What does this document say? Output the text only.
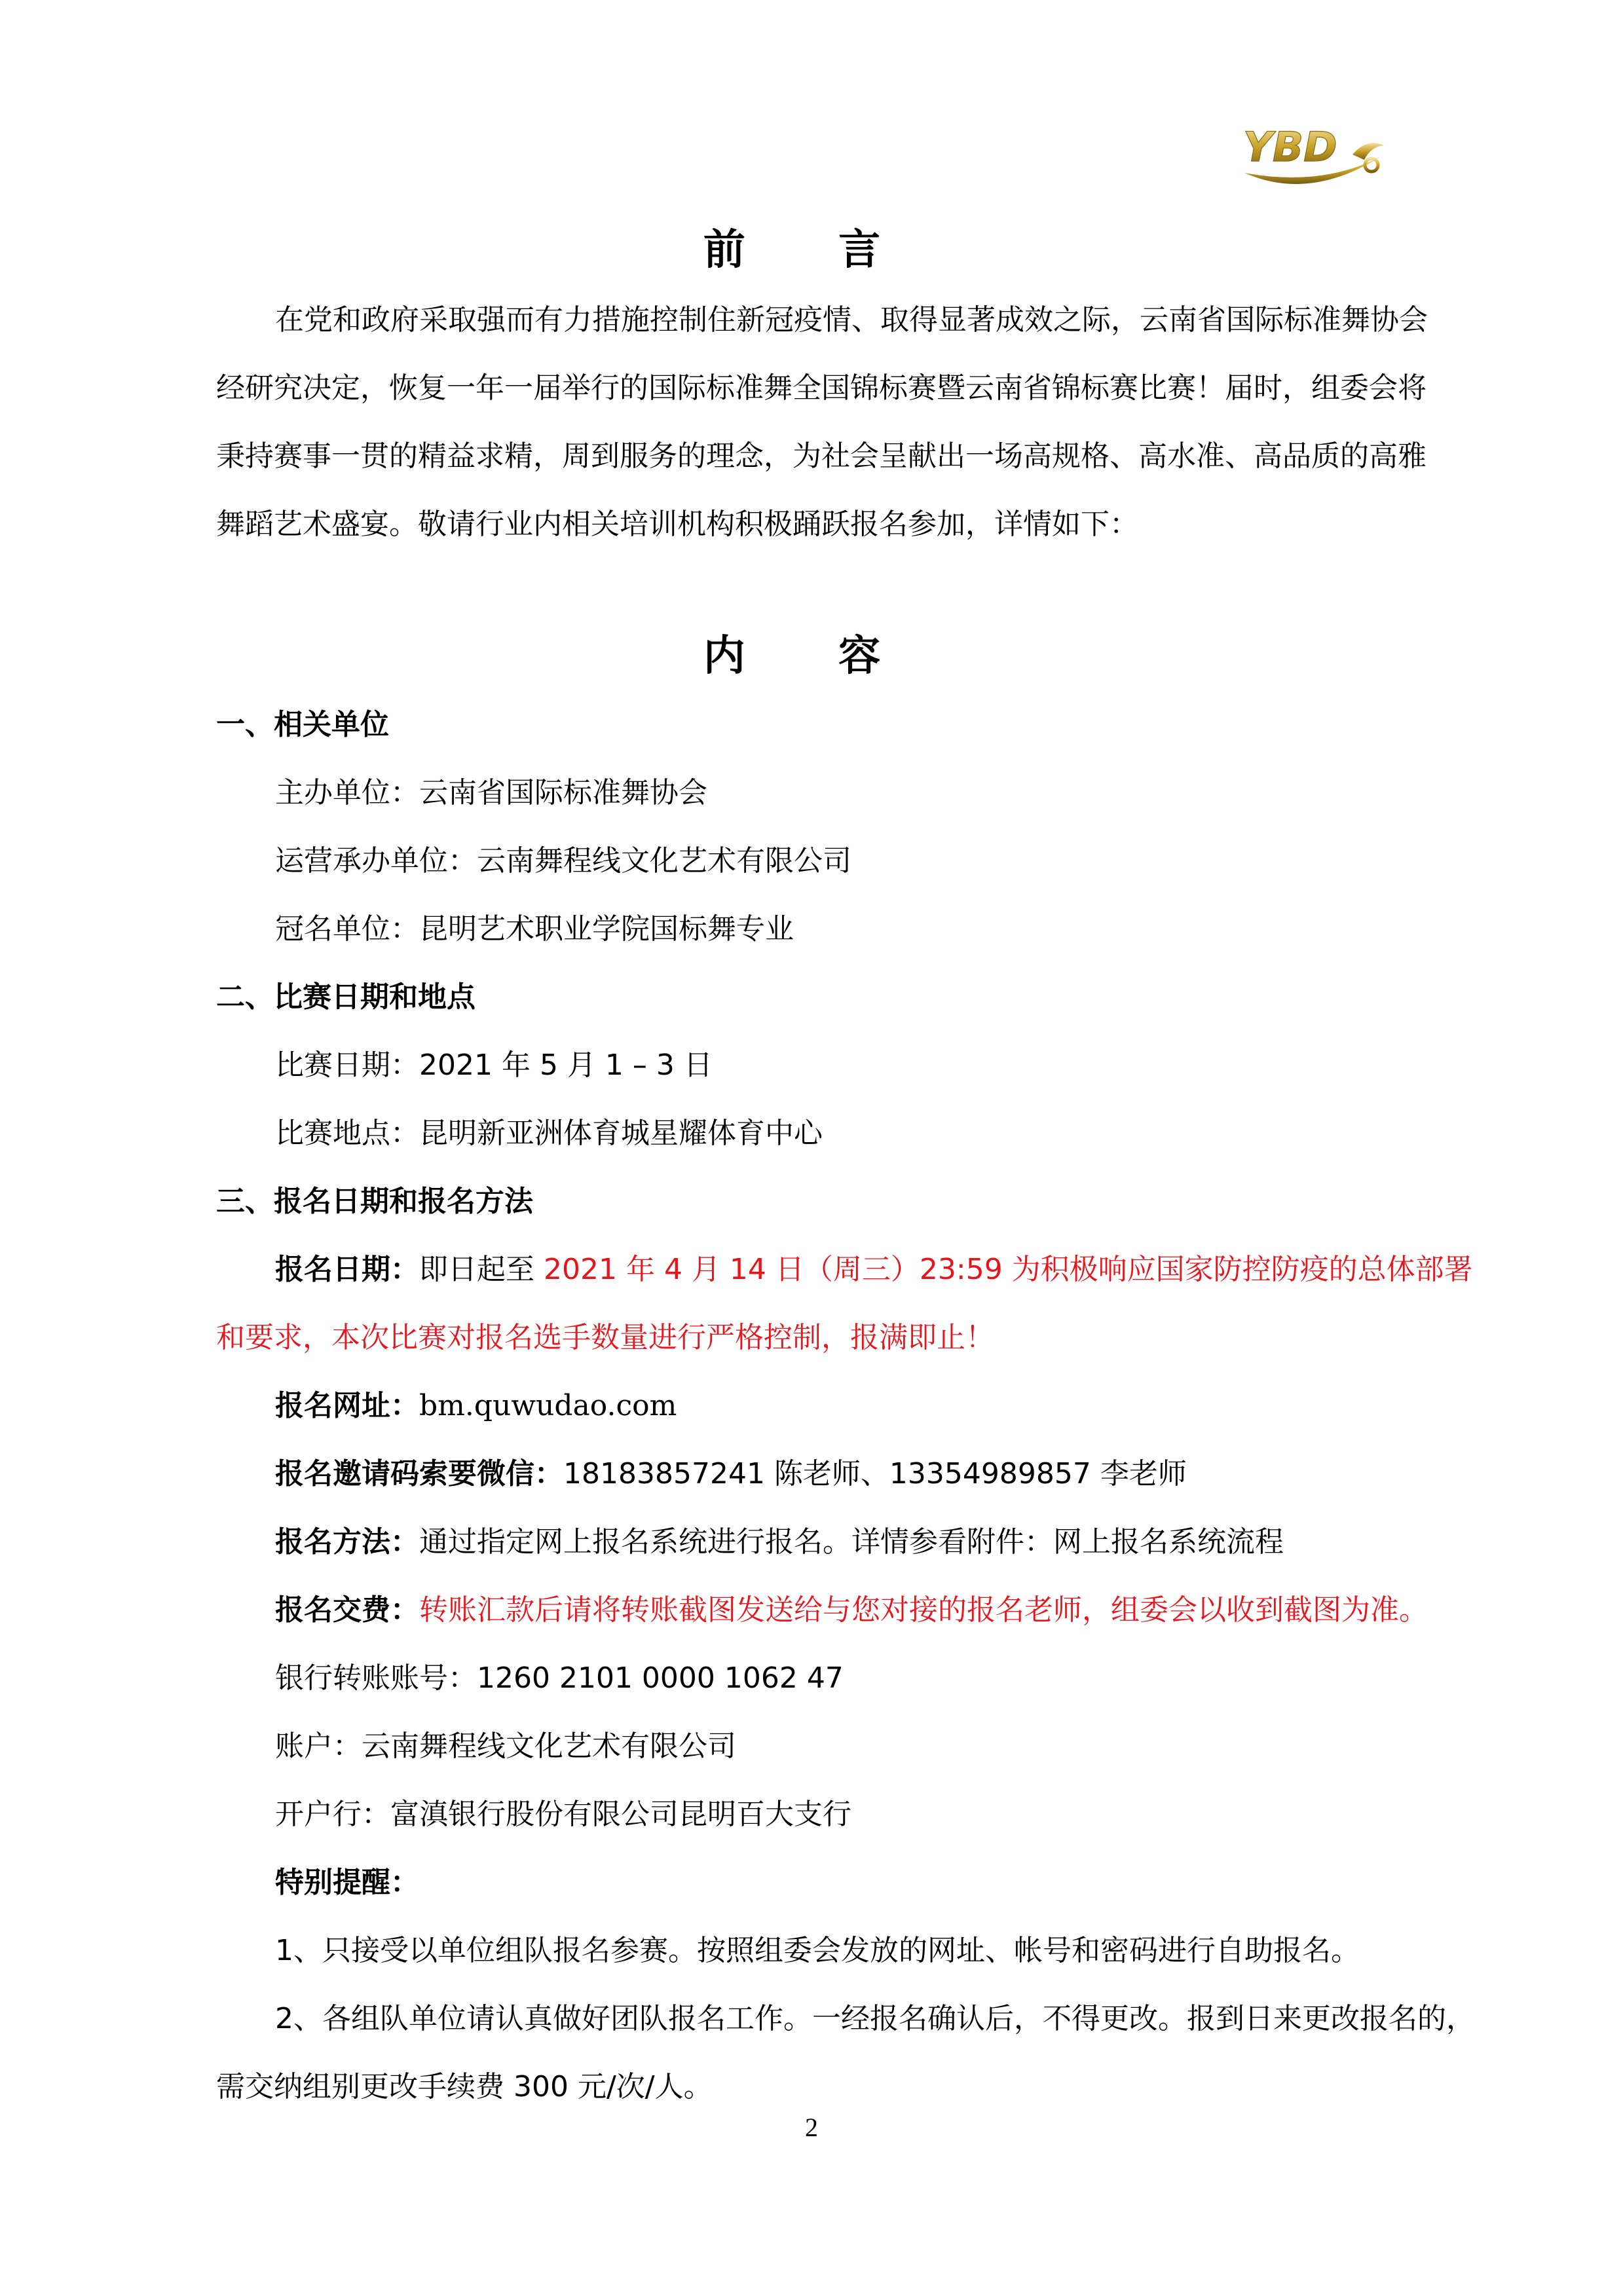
YBD
前 言
在党和政府采取强而有力措施控制住新冠疫情、取得显著成效之际，云南省国际标准舞协会
经研究决定，恢复一年一届举行的国际标准舞全国锦标赛暨云南省锦标赛比赛！届时，组委会将
秉持赛事一贯的精益求精，周到服务的理念，为社会呈献出一场高规格、高水准、高品质的高雅
舞蹈艺术盛宴。敬请行业内相关培训机构积极踊跃报名参加，详情如下：
内 容
一、相关单位
主办单位：云南省国际标准舞协会
运营承办单位：云南舞程线文化艺术有限公司
冠名单位：昆明艺术职业学院国标舞专业
二、比赛日期和地点
比赛日期：2021 年 5 月 1 – 3 日
比赛地点：昆明新亚洲体育城星耀体育中心
三、报名日期和报名方法
报名日期：即日起至 2021 年 4 月 14 日（周三）23:59 为积极响应国家防控防疫的总体部署
和要求，本次比赛对报名选手数量进行严格控制，报满即止！
报名网址：bm.quwudao.com
报名邀请码索要微信：18183857241 陈老师、13354989857 李老师
报名方法：通过指定网上报名系统进行报名。详情参看附件：网上报名系统流程
报名交费：转账汇款后请将转账截图发送给与您对接的报名老师，组委会以收到截图为准。
银行转账账号：1260 2101 0000 1062 47
账户：云南舞程线文化艺术有限公司
开户行：富滇银行股份有限公司昆明百大支行
特别提醒：
1、只接受以单位组队报名参赛。按照组委会发放的网址、帐号和密码进行自助报名。
2、各组队单位请认真做好团队报名工作。一经报名确认后，不得更改。报到日来更改报名的，
需交纳组别更改手续费 300 元/次/人。
2
